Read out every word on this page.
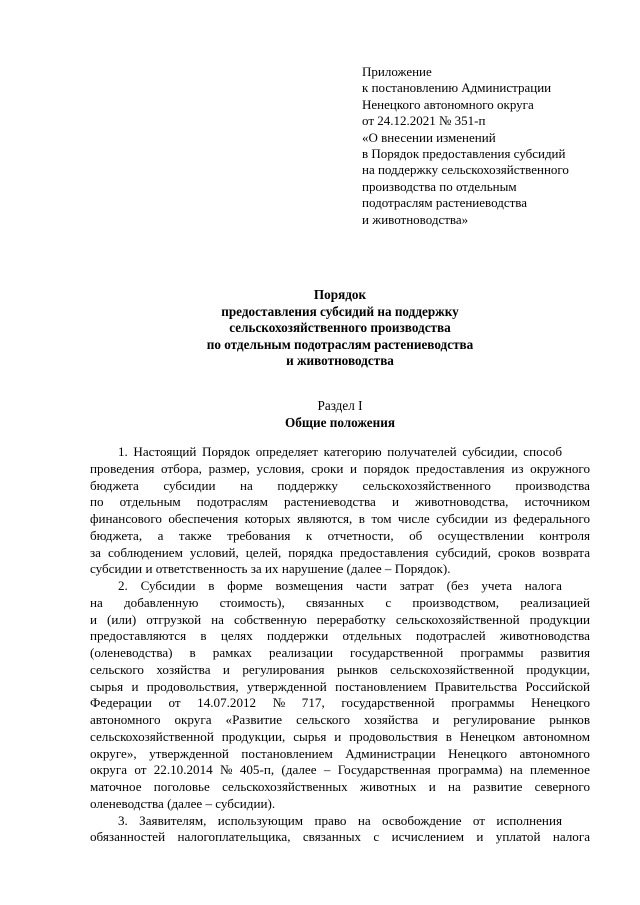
Приложение
к постановлению Администрации
Ненецкого автономного округа
от 24.12.2021 № 351-п
«О внесении изменений
в Порядок предоставления субсидий
на поддержку сельскохозяйственного
производства по отдельным
подотраслям растениеводства
и животноводства»
Порядок
предоставления субсидий на поддержку
сельскохозяйственного производства
по отдельным подотраслям растениеводства
и животноводства
Раздел I
Общие положения

1. Настоящий Порядок определяет категорию получателей субсидии, способ
проведения отбора, размер, условия, сроки и порядок предоставления из окружного
бюджета субсидии на поддержку сельскохозяйственного производства
по отдельным подотраслям растениеводства и животноводства, источником
финансового обеспечения которых являются, в том числе субсидии из федерального
бюджета, а также требования к отчетности, об осуществлении контроля
за соблюдением условий, целей, порядка предоставления субсидий, сроков возврата
субсидии и ответственность за их нарушение (далее – Порядок).

2. Субсидии в форме возмещения части затрат (без учета налога
на добавленную стоимость), связанных с производством, реализацией
и (или) отгрузкой на собственную переработку сельскохозяйственной продукции
предоставляются в целях поддержки отдельных подотраслей животноводства
(оленеводства) в рамках реализации государственной программы развития
сельского хозяйства и регулирования рынков сельскохозяйственной продукции,
сырья и продовольствия, утвержденной постановлением Правительства Российской
Федерации от 14.07.2012 № 717, государственной программы Ненецкого
автономного округа «Развитие сельского хозяйства и регулирование рынков
сельскохозяйственной продукции, сырья и продовольствия в Ненецком автономном
округе», утвержденной постановлением Администрации Ненецкого автономного
округа от 22.10.2014 № 405-п, (далее – Государственная программа) на племенное
маточное поголовье сельскохозяйственных животных и на развитие северного
оленеводства (далее – субсидии).

3. Заявителям, использующим право на освобождение от исполнения
обязанностей налогоплательщика, связанных с исчислением и уплатой налога
